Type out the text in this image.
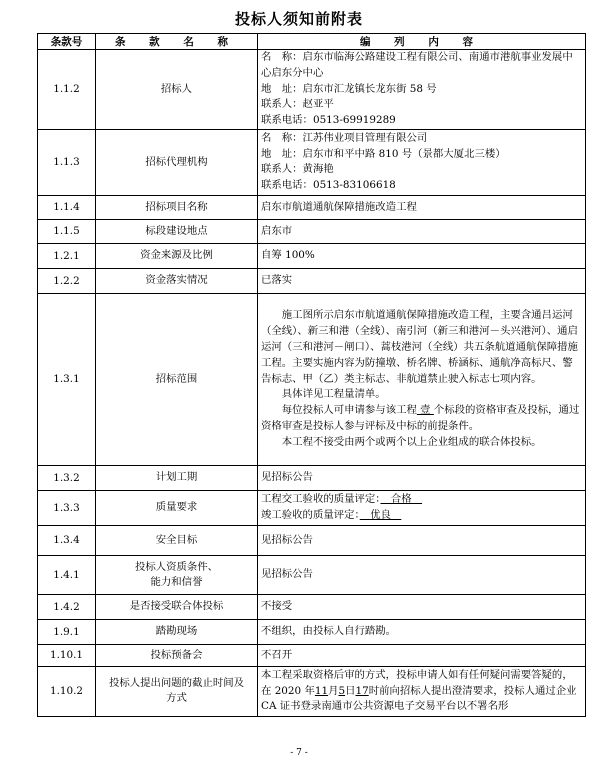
投标人须知前附表
条款号	条 款 名 称	编 列 内 容
1.1.2	招标人	名　称：启东市临海公路建设工程有限公司、南通市港航事业发展中心启东分中心
地　址：启东市汇龙镇长龙东街 58 号
联系人：赵亚平
联系电话：0513-69919289

1.1.3	招标代理机构	名　称：江苏伟业项目管理有限公司
地　址：启东市和平中路 810 号（景都大厦北三楼）
联系人：黄海艳
联系电话：0513-83106618

1.1.4	招标项目名称	启东市航道通航保障措施改造工程
1.1.5	标段建设地点	启东市
1.2.1	资金来源及比例	自筹 100%
1.2.2	资金落实情况	已落实
1.3.1	招标范围	施工图所示启东市航道通航保障措施改造工程，主要含通吕运河（全线）、新三和港（全线）、南引河（新三和港河－头兴港河）、通启运河（三和港河－闸口）、蒿枝港河（全线）共五条航道通航保障措施工程。主要实施内容为防撞墩、桥名牌、桥涵标、通航净高标尺、警告标志、甲（乙）类主标志、非航道禁止驶入标志七项内容。
具体详见工程量清单。
每位投标人可申请参与该工程 壹 个标段的资格审查及投标，通过资格审查是投标人参与评标及中标的前提条件。
本工程不接受由两个或两个以上企业组成的联合体投标。

1.3.2	计划工期	见招标公告
1.3.3	质量要求	工程交工验收的质量评定：　合格　
竣工验收的质量评定：　优良　

1.3.4	安全目标	见招标公告
1.4.1	投标人资质条件、
能力和信誉	见招标公告
1.4.2	是否接受联合体投标	不接受
1.9.1	踏勘现场	不组织，由投标人自行踏勘。
1.10.1	投标预备会	不召开
1.10.2	投标人提出问题的截止时间及
方式	本工程采取资格后审的方式，投标申请人如有任何疑问需要答疑的，在 2020 年11月5日17时前向招标人提出澄清要求，投标人通过企业CA 证书登录南通市公共资源电子交易平台以不署名形
- 7 -
